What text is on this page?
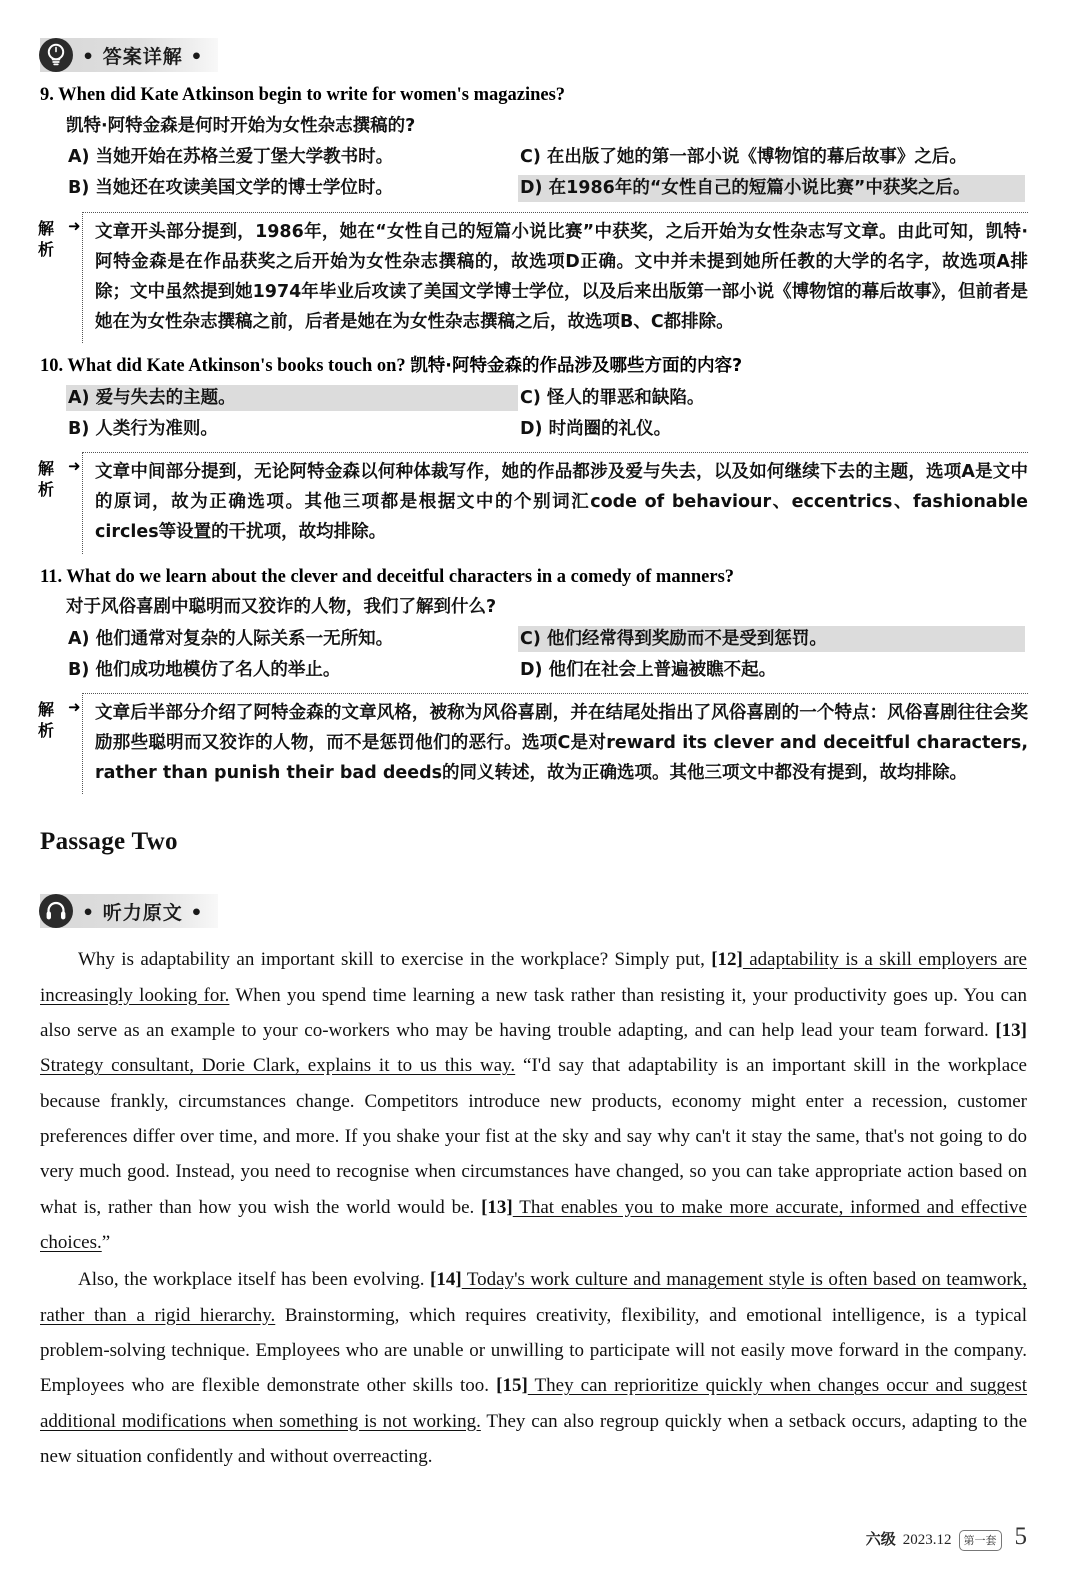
• 答案详解 •
9. When did Kate Atkinson begin to write for women's magazines?
凯特·阿特金森是何时开始为女性杂志撰稿的?
A) 当她开始在苏格兰爱丁堡大学教书时。	C) 在出版了她的第一部小说《博物馆的幕后故事》之后。
B) 当她还在攻读美国文学的博士学位时。	D) 在1986年的“女性自己的短篇小说比赛”中获奖之后。
解
析
➜ 文章开头部分提到，1986年，她在“女性自己的短篇小说比赛”中获奖，之后开始为女性杂志写文章。由此可知，凯特·阿特金森是在作品获奖之后开始为女性杂志撰稿的，故选项D正确。文中并未提到她所任教的大学的名字，故选项A排除；文中虽然提到她1974年毕业后攻读了美国文学博士学位，以及后来出版第一部小说《博物馆的幕后故事》，但前者是她在为女性杂志撰稿之前，后者是她在为女性杂志撰稿之后，故选项B、C都排除。
10. What did Kate Atkinson's books touch on? 凯特·阿特金森的作品涉及哪些方面的内容?
A) 爱与失去的主题。	C) 怪人的罪恶和缺陷。
B) 人类行为准则。	D) 时尚圈的礼仪。
解
析
➜ 文章中间部分提到，无论阿特金森以何种体裁写作，她的作品都涉及爱与失去，以及如何继续下去的主题，选项A是文中的原词，故为正确选项。其他三项都是根据文中的个别词汇code of behaviour、eccentrics、fashionable circles等设置的干扰项，故均排除。
11. What do we learn about the clever and deceitful characters in a comedy of manners?
对于风俗喜剧中聪明而又狡诈的人物，我们了解到什么?
A) 他们通常对复杂的人际关系一无所知。	C) 他们经常得到奖励而不是受到惩罚。
B) 他们成功地模仿了名人的举止。	D) 他们在社会上普遍被瞧不起。
解
析
➜ 文章后半部分介绍了阿特金森的文章风格，被称为风俗喜剧，并在结尾处指出了风俗喜剧的一个特点：风俗喜剧往往会奖励那些聪明而又狡诈的人物，而不是惩罚他们的恶行。选项C是对reward its clever and deceitful characters, rather than punish their bad deeds的同义转述，故为正确选项。其他三项文中都没有提到，故均排除。
Passage Two
• 听力原文 •

Why is adaptability an important skill to exercise in the workplace? Simply put, [12] adaptability is a skill employers are increasingly looking for. When you spend time learning a new task rather than resisting it, your productivity goes up. You can also serve as an example to your co-workers who may be having trouble adapting, and can help lead your team forward. [13] Strategy consultant, Dorie Clark, explains it to us this way. “I'd say that adaptability is an important skill in the workplace because frankly, circumstances change. Competitors introduce new products, economy might enter a recession, customer preferences differ over time, and more. If you shake your fist at the sky and say why can't it stay the same, that's not going to do very much good. Instead, you need to recognise when circumstances have changed, so you can take appropriate action based on what is, rather than how you wish the world would be. [13] That enables you to make more accurate, informed and effective choices.”

Also, the workplace itself has been evolving. [14] Today's work culture and management style is often based on teamwork, rather than a rigid hierarchy. Brainstorming, which requires creativity, flexibility, and emotional intelligence, is a typical problem-solving technique. Employees who are unable or unwilling to participate will not easily move forward in the company. Employees who are flexible demonstrate other skills too. [15] They can reprioritize quickly when changes occur and suggest additional modifications when something is not working. They can also regroup quickly when a setback occurs, adapting to the new situation confidently and without overreacting.

六级 2023.12	第一套 5
